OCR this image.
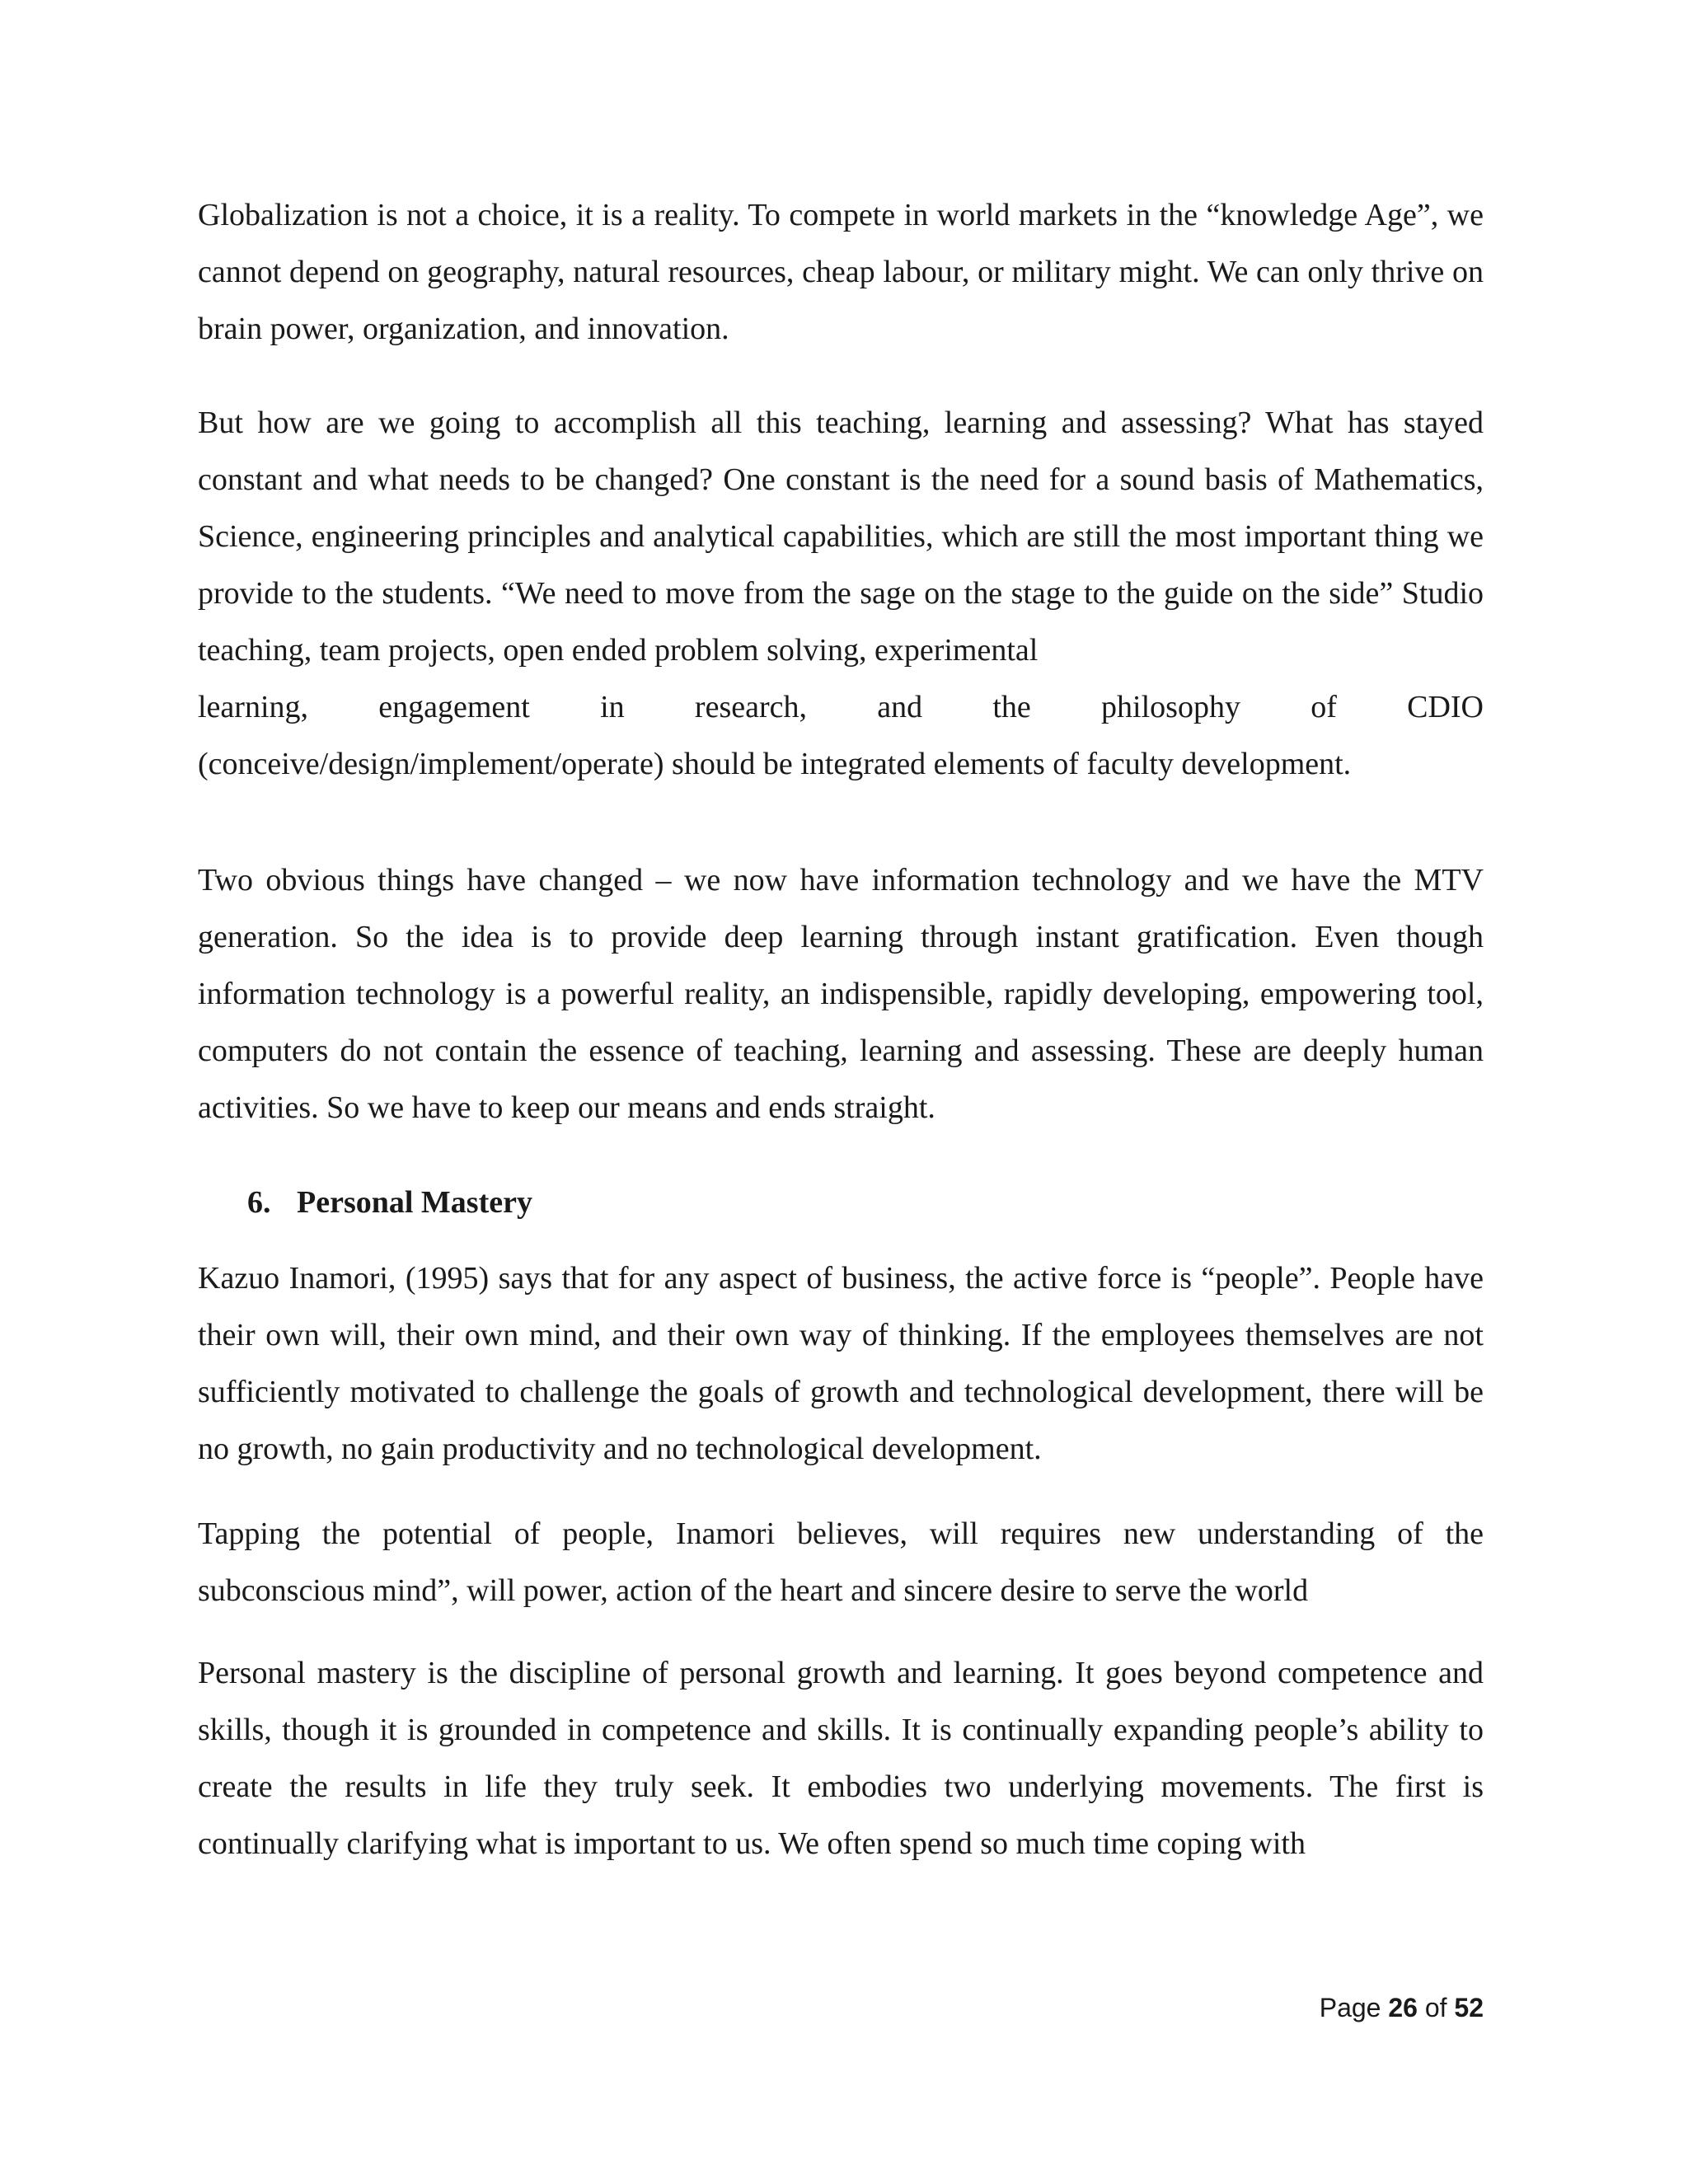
Globalization is not a choice, it is a reality. To compete in world markets in the “knowledge Age”, we cannot depend on geography, natural resources, cheap labour, or military might. We can only thrive on brain power, organization, and innovation.

But how are we going to accomplish all this teaching, learning and assessing? What has stayed constant and what needs to be changed? One constant is the need for a sound basis of Mathematics, Science, engineering principles and analytical capabilities, which are still the most important thing we provide to the students. “We need to move from the sage on the stage to the guide on the side” Studio teaching, team projects, open ended problem solving, experimental
learning, engagement in research, and the philosophy of CDIO
(conceive/design/implement/operate) should be integrated elements of faculty development.

Two obvious things have changed – we now have information technology and we have the MTV generation. So the idea is to provide deep learning through instant gratification. Even though information technology is a powerful reality, an indispensible, rapidly developing, empowering tool, computers do not contain the essence of teaching, learning and assessing. These are deeply human activities. So we have to keep our means and ends straight.

6. Personal Mastery

Kazuo Inamori, (1995) says that for any aspect of business, the active force is “people”. People have their own will, their own mind, and their own way of thinking. If the employees themselves are not sufficiently motivated to challenge the goals of growth and technological development, there will be no growth, no gain productivity and no technological development.

Tapping the potential of people, Inamori believes, will requires new understanding of the subconscious mind”, will power, action of the heart and sincere desire to serve the world

Personal mastery is the discipline of personal growth and learning. It goes beyond competence and skills, though it is grounded in competence and skills. It is continually expanding people’s ability to create the results in life they truly seek. It embodies two underlying movements. The first is continually clarifying what is important to us. We often spend so much time coping with

Page 26 of 52
